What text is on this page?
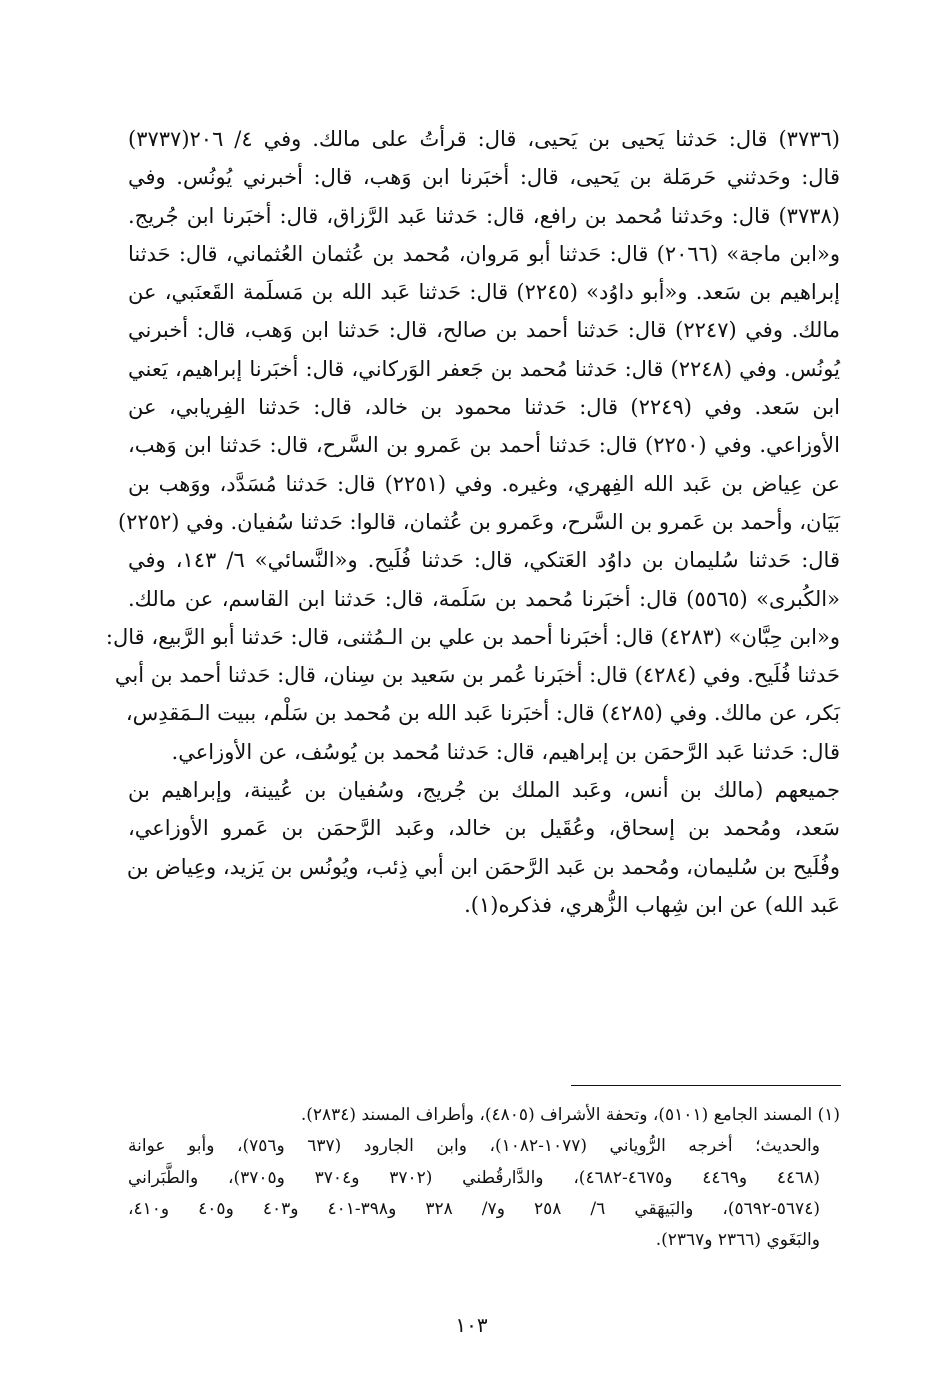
(٣٧٣٦) قال: حَدثنا يَحيى بن يَحيى، قال: قرأتُ على مالك. وفي ٤/ ٢٠٦(٣٧٣٧)
قال: وحَدثني حَرمَلة بن يَحيى، قال: أخبَرنا ابن وَهب، قال: أخبرني يُونُس. وفي
(٣٧٣٨) قال: وحَدثنا مُحمد بن رافع، قال: حَدثنا عَبد الرَّزاق، قال: أخبَرنا ابن جُريج.
و«ابن ماجة» (٢٠٦٦) قال: حَدثنا أبو مَروان، مُحمد بن عُثمان العُثماني، قال: حَدثنا
إبراهيم بن سَعد. و«أبو داوُد» (٢٢٤٥) قال: حَدثنا عَبد الله بن مَسلَمة القَعنَبي، عن
مالك. وفي (٢٢٤٧) قال: حَدثنا أحمد بن صالح، قال: حَدثنا ابن وَهب، قال: أخبرني
يُونُس. وفي (٢٢٤٨) قال: حَدثنا مُحمد بن جَعفر الوَركاني، قال: أخبَرنا إبراهيم، يَعني
ابن سَعد. وفي (٢٢٤٩) قال: حَدثنا محمود بن خالد، قال: حَدثنا الفِريابي، عن
الأوزاعي. وفي (٢٢٥٠) قال: حَدثنا أحمد بن عَمرو بن السَّرح، قال: حَدثنا ابن وَهب،
عن عِياض بن عَبد الله الفِهري، وغيره. وفي (٢٢٥١) قال: حَدثنا مُسَدَّد، ووَهب بن
بَيَان، وأحمد بن عَمرو بن السَّرح، وعَمرو بن عُثمان، قالوا: حَدثنا سُفيان. وفي (٢٢٥٢)
قال: حَدثنا سُليمان بن داوُد العَتكي، قال: حَدثنا فُلَيح. و«النَّسائي» ٦/ ١٤٣، وفي
«الكُبرى» (٥٥٦٥) قال: أخبَرنا مُحمد بن سَلَمة، قال: حَدثنا ابن القاسم، عن مالك.
و«ابن حِبَّان» (٤٢٨٣) قال: أخبَرنا أحمد بن علي بن الـمُثنى، قال: حَدثنا أبو الرَّبيع، قال:
حَدثنا فُلَيح. وفي (٤٢٨٤) قال: أخبَرنا عُمر بن سَعيد بن سِنان، قال: حَدثنا أحمد بن أبي
بَكر، عن مالك. وفي (٤٢٨٥) قال: أخبَرنا عَبد الله بن مُحمد بن سَلْم، ببيت الـمَقدِس،
قال: حَدثنا عَبد الرَّحمَن بن إبراهيم، قال: حَدثنا مُحمد بن يُوسُف، عن الأوزاعي.
جميعهم (مالك بن أنس، وعَبد الملك بن جُريج، وسُفيان بن عُيينة، وإبراهيم بن
سَعد، ومُحمد بن إسحاق، وعُقَيل بن خالد، وعَبد الرَّحمَن بن عَمرو الأوزاعي،
وفُلَيح بن سُليمان، ومُحمد بن عَبد الرَّحمَن ابن أبي ذِئب، ويُونُس بن يَزيد، وعِياض بن
عَبد الله) عن ابن شِهاب الزُّهري، فذكره(١).
(١) المسند الجامع (٥١٠١)، وتحفة الأشراف (٤٨٠٥)، وأطراف المسند (٢٨٣٤).
والحديث؛ أخرجه الرُّوياني (١٠٧٧-١٠٨٢)، وابن الجارود (٦٣٧ و٧٥٦)، وأبو عوانة
(٤٤٦٨ و٤٤٦٩ و٤٦٧٥-٤٦٨٢)، والدَّارقُطني (٣٧٠٢ و٣٧٠٤ و٣٧٠٥)، والطَّبَراني
(٥٦٧٤-٥٦٩٢)، والبَيهَقي ٦/ ٢٥٨ و٧/ ٣٢٨ و٣٩٨-٤٠١ و٤٠٣ و٤٠٥ و٤١٠،
والبَغَوي (٢٣٦٦ و٢٣٦٧).
١٠٣
